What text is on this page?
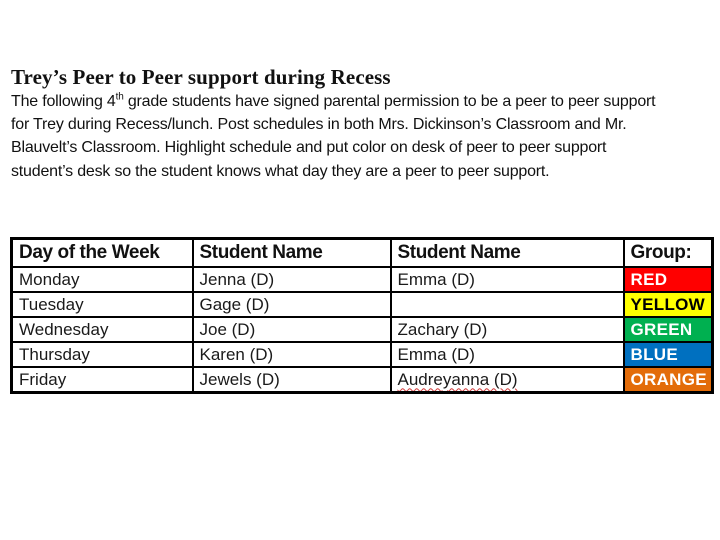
Trey’s Peer to Peer support during Recess

The following 4th grade students have signed parental permission to be a peer to peer support for Trey during Recess/lunch. Post schedules in both Mrs. Dickinson’s Classroom and Mr. Blauvelt’s Classroom. Highlight schedule and put color on desk of peer to peer support student’s desk so the student knows what day they are a peer to peer support.

Day of the Week	Student Name	Student Name	Group:
Monday	Jenna (D)	Emma (D)	RED
Tuesday	Gage (D)		YELLOW
Wednesday	Joe (D)	Zachary (D)	GREEN
Thursday	Karen (D)	Emma (D)	BLUE
Friday	Jewels (D)	Audreyanna (D)	ORANGE
